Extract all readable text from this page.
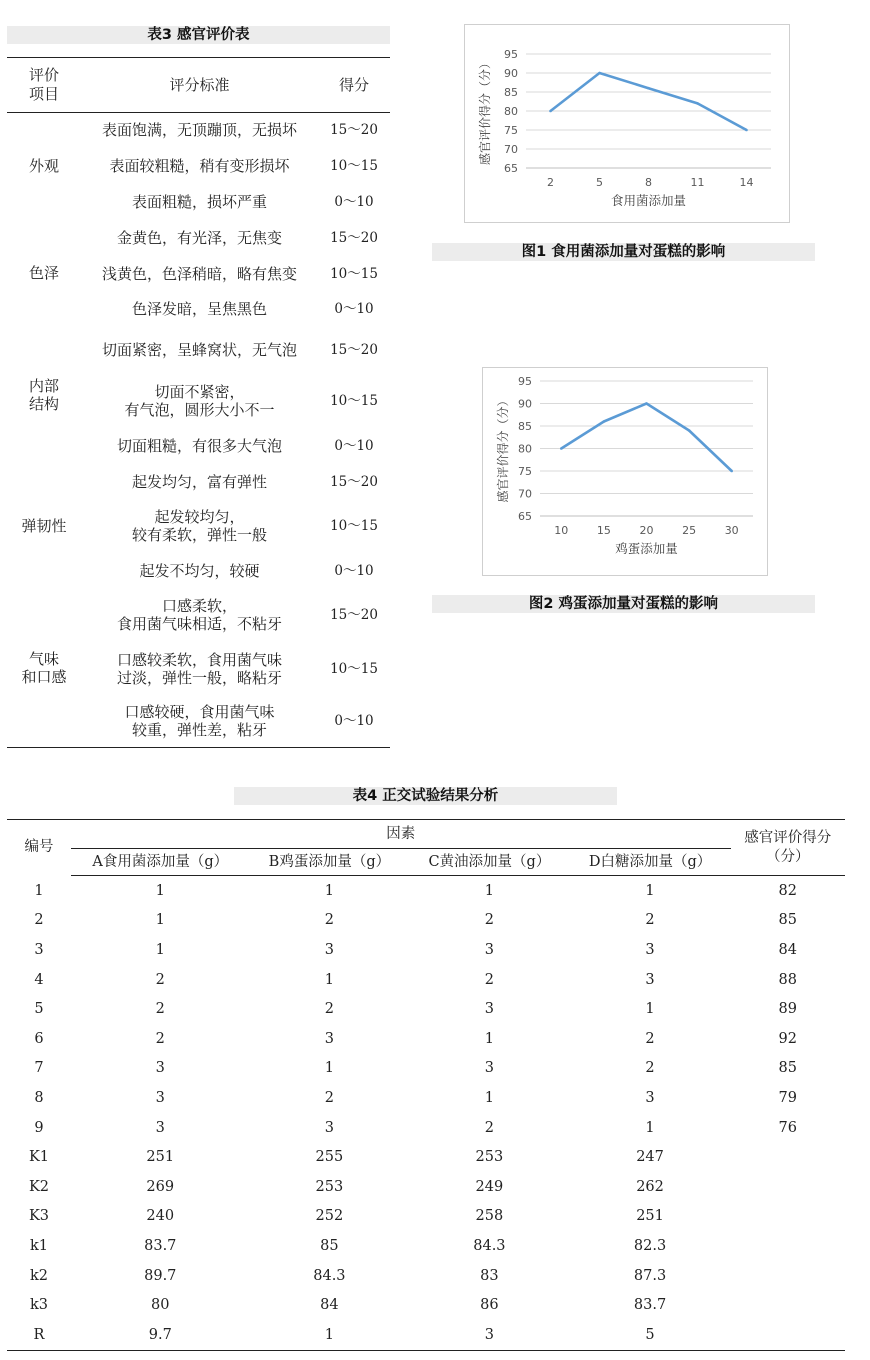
表3 感官评价表
评价
项目	评分标准	得分
外观	表面饱满，无顶蹦顶，无损坏	15～20
	表面较粗糙，稍有变形损坏	10～15
	表面粗糙，损坏严重	0～10
色泽	金黄色，有光泽，无焦变	15～20
	浅黄色，色泽稍暗，略有焦变	10～15
	色泽发暗，呈焦黑色	0～10
内部
结构	切面紧密，呈蜂窝状，无气泡	15～20
	切面不紧密，
有气泡，圆形大小不一	10～15
	切面粗糙，有很多大气泡	0～10
弹韧性	起发均匀，富有弹性	15～20
	起发较均匀，
较有柔软，弹性一般	10～15
	起发不均匀，较硬	0～10
气味
和口感	口感柔软，
食用菌气味相适，不粘牙	15～20
	口感较柔软，食用菌气味
过淡，弹性一般，略粘牙	10～15
	口感较硬，食用菌气味
较重，弹性差，粘牙	0～10
65
70
75
80
85
90
95
2	5	8	11	14
食用菌添加量
感官评价得分（分）
图1 食用菌添加量对蛋糕的影响
65
70
75
80
85
90
95
10	15	20	25	30
鸡蛋添加量
感官评价得分（分）
图2 鸡蛋添加量对蛋糕的影响
表4 正交试验结果分析
编号	因素				感官评价得分
（分）
	A食用菌添加量（g）	B鸡蛋添加量（g）	C黄油添加量（g）	D白糖添加量（g）	
1	1	1	1	1	82
2	1	2	2	2	85
3	1	3	3	3	84
4	2	1	2	3	88
5	2	2	3	1	89
6	2	3	1	2	92
7	3	1	3	2	85
8	3	2	1	3	79
9	3	3	2	1	76
K1	251	255	253	247	
K2	269	253	249	262	
K3	240	252	258	251	
k1	83.7	85	84.3	82.3	
k2	89.7	84.3	83	87.3	
k3	80	84	86	83.7	
R	9.7	1	3	5	
